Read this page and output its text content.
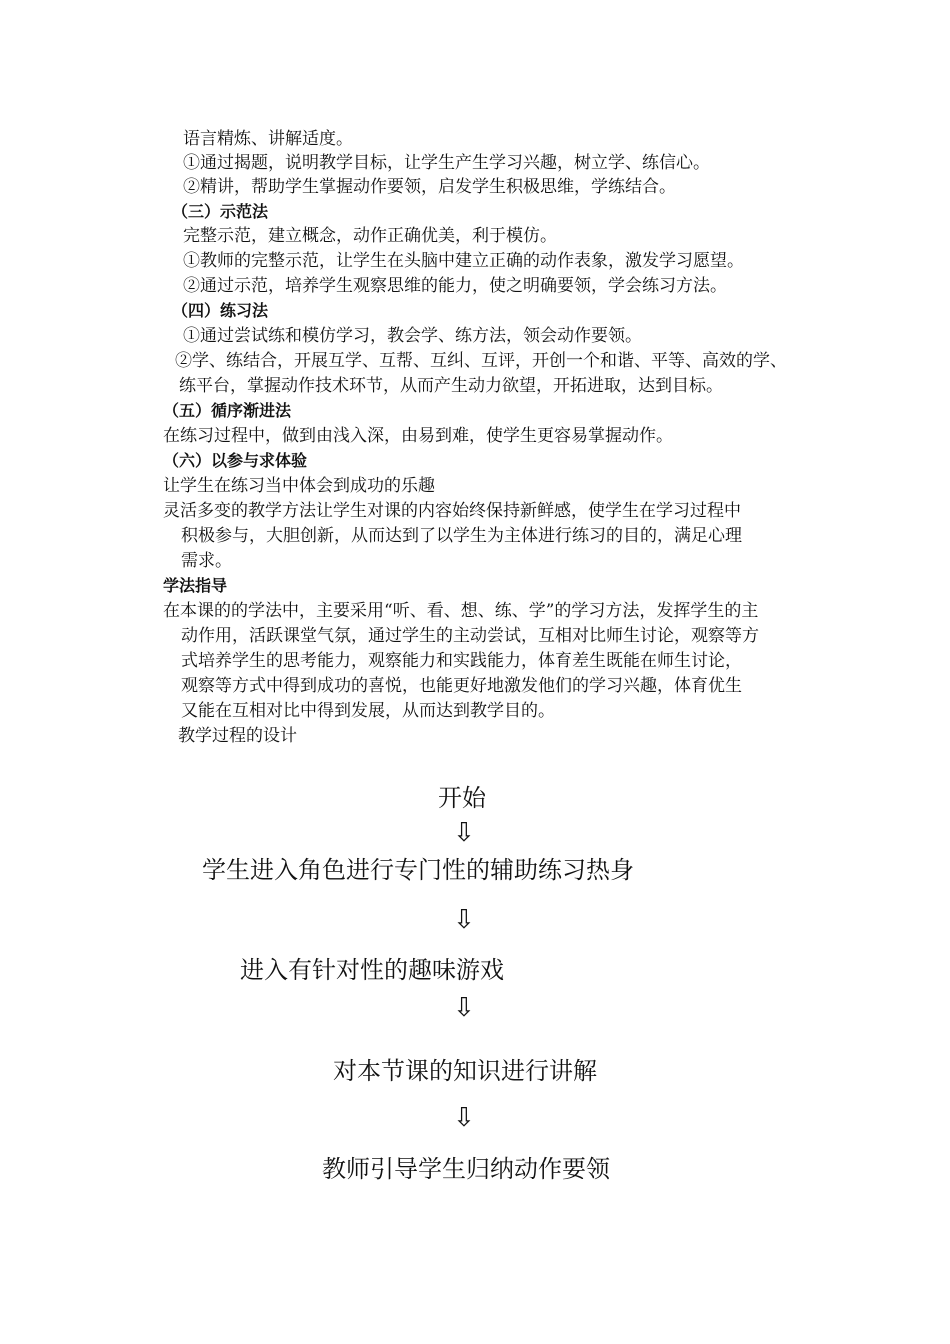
语言精炼、讲解适度。
①通过揭题，说明教学目标，让学生产生学习兴趣，树立学、练信心。
②精讲，帮助学生掌握动作要领，启发学生积极思维，学练结合。
（三）示范法
完整示范，建立概念，动作正确优美，利于模仿。
①教师的完整示范，让学生在头脑中建立正确的动作表象，激发学习愿望。
②通过示范，培养学生观察思维的能力，使之明确要领，学会练习方法。
（四）练习法
①通过尝试练和模仿学习，教会学、练方法，领会动作要领。
②学、练结合，开展互学、互帮、互纠、互评，开创一个和谐、平等、高效的学、
练平台，掌握动作技术环节，从而产生动力欲望，开拓进取，达到目标。
（五）循序渐进法
在练习过程中，做到由浅入深，由易到难，使学生更容易掌握动作。
（六）以参与求体验
让学生在练习当中体会到成功的乐趣
灵活多变的教学方法让学生对课的内容始终保持新鲜感，使学生在学习过程中
积极参与，大胆创新，从而达到了以学生为主体进行练习的目的，满足心理
需求。
学法指导
在本课的的学法中，主要采用“听、看、想、练、学”的学习方法，发挥学生的主
动作用，活跃课堂气氛，通过学生的主动尝试，互相对比师生讨论，观察等方
式培养学生的思考能力，观察能力和实践能力，体育差生既能在师生讨论，
观察等方式中得到成功的喜悦，也能更好地激发他们的学习兴趣，体育优生
又能在互相对比中得到发展，从而达到教学目的。
教学过程的设计
开始
⇩
学生进入角色进行专门性的辅助练习热身
⇩
进入有针对性的趣味游戏
⇩
对本节课的知识进行讲解
⇩
教师引导学生归纳动作要领
